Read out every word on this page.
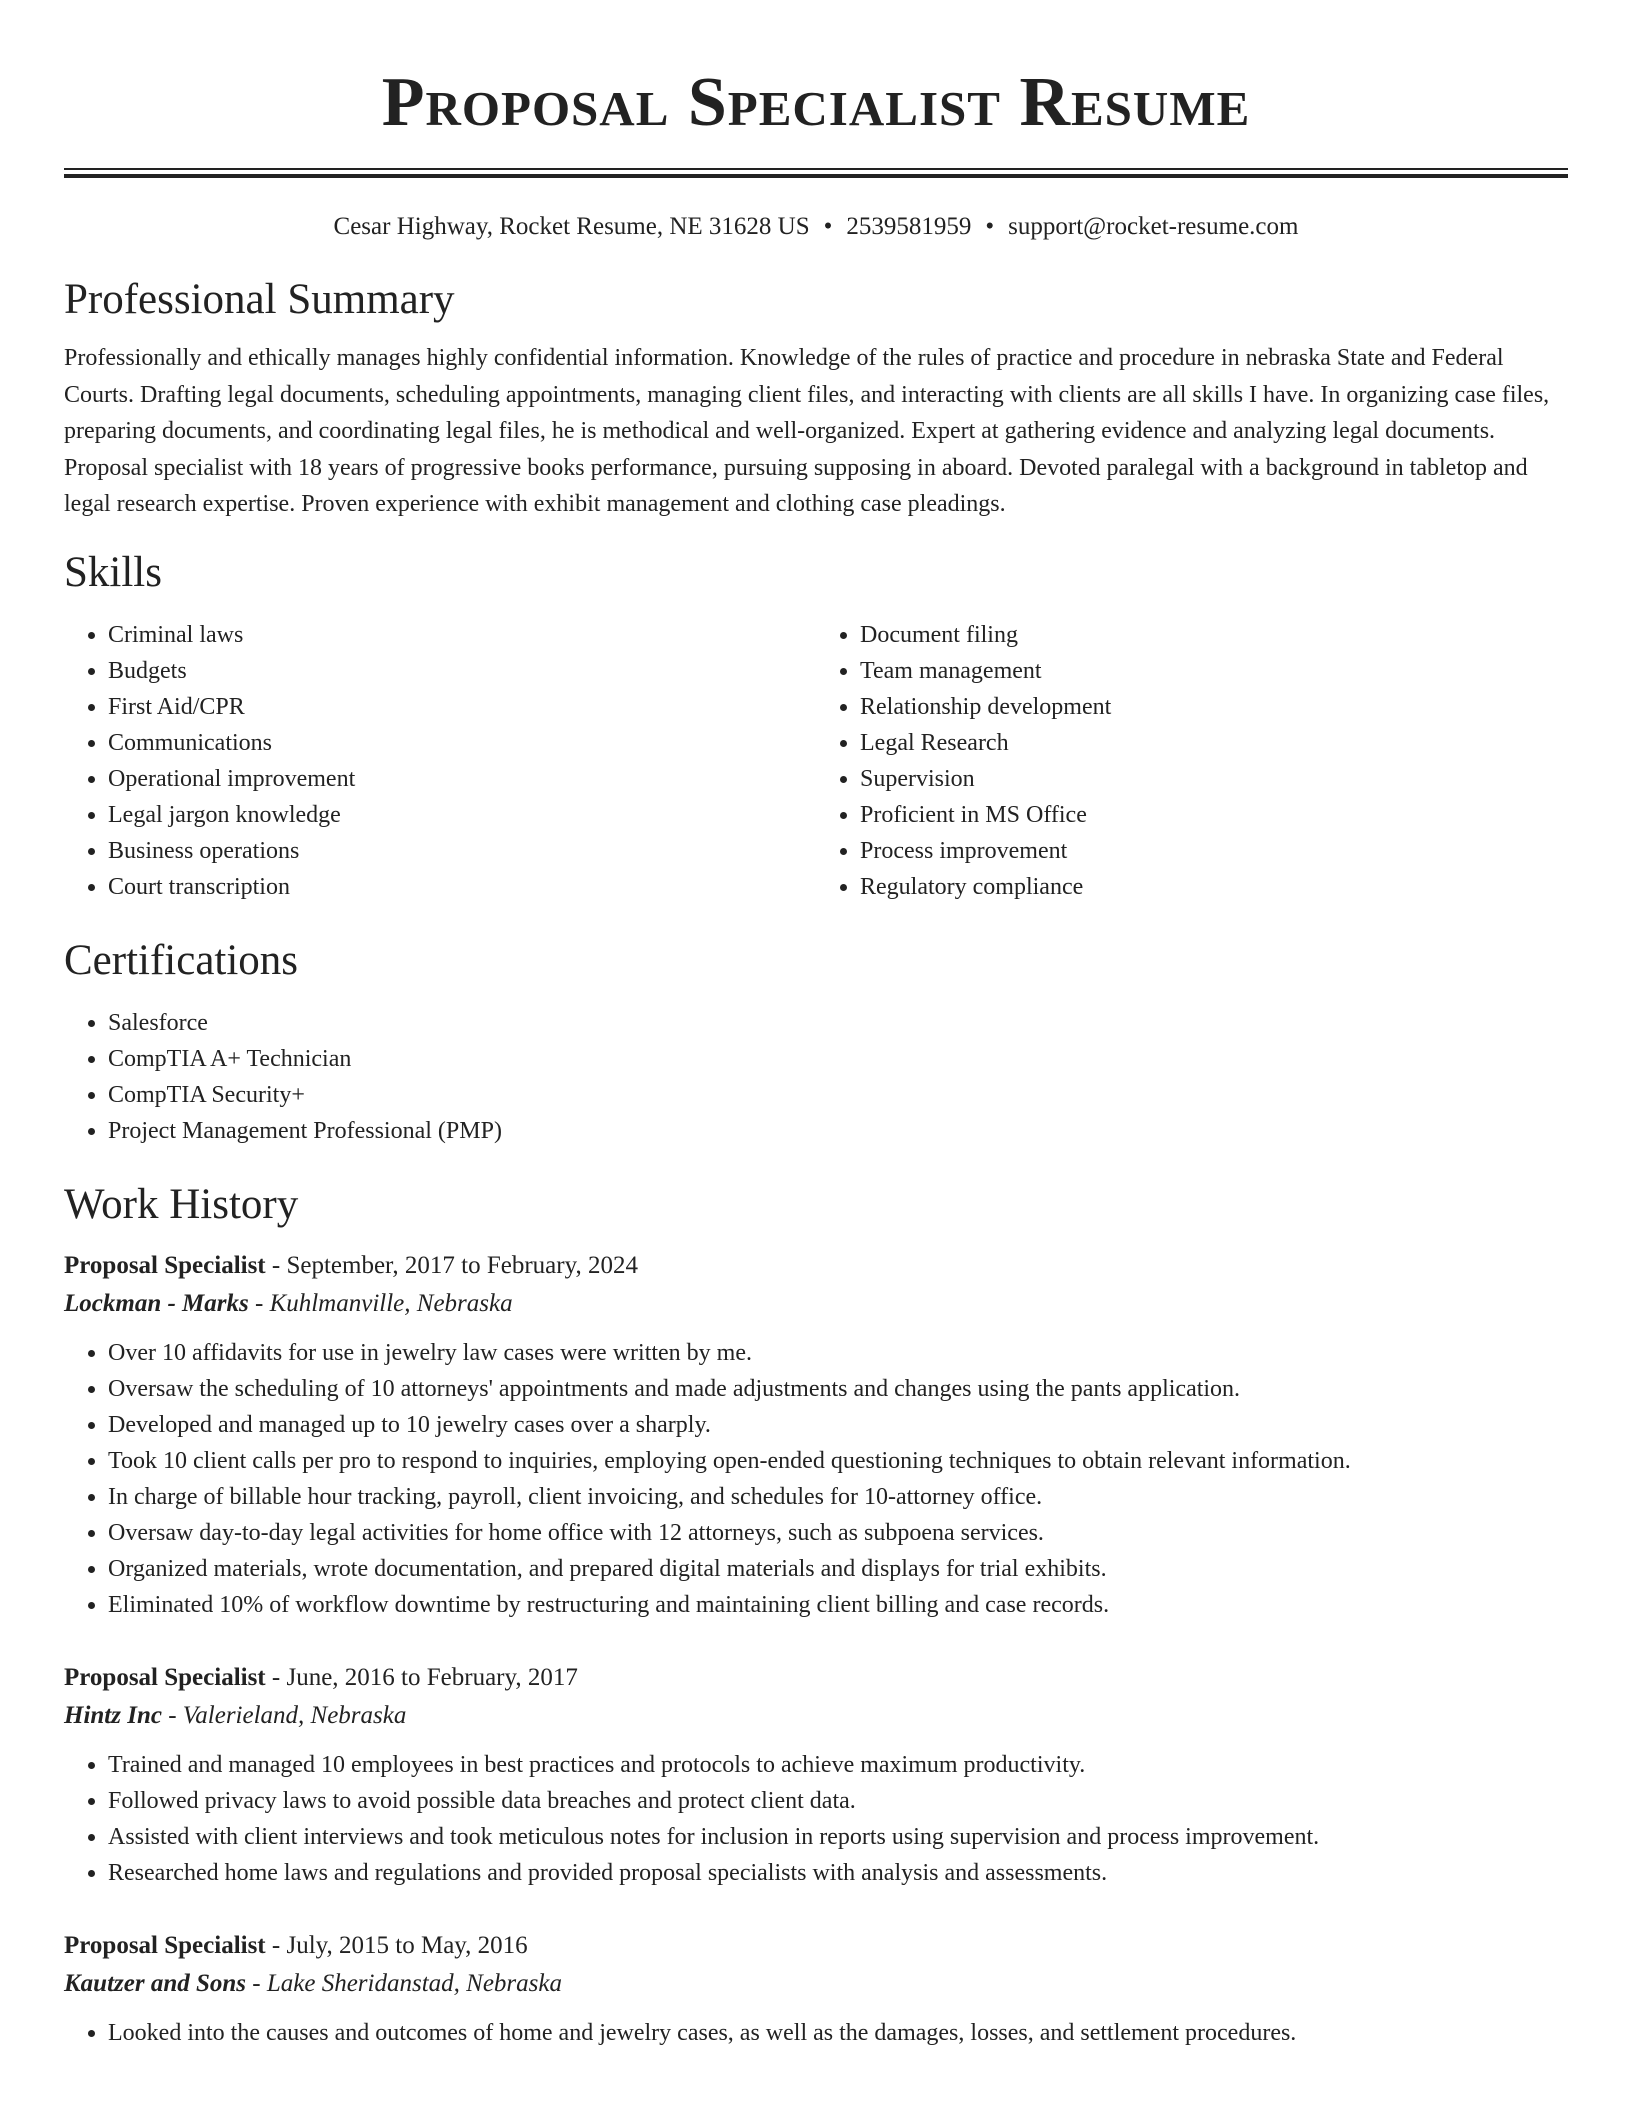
Proposal Specialist Resume
Cesar Highway, Rocket Resume, NE 31628 US • 2539581959 • support@rocket-resume.com
Professional Summary

Professionally and ethically manages highly confidential information. Knowledge of the rules of practice and procedure in nebraska State and Federal Courts. Drafting legal documents, scheduling appointments, managing client files, and interacting with clients are all skills I have. In organizing case files, preparing documents, and coordinating legal files, he is methodical and well-organized. Expert at gathering evidence and analyzing legal documents. Proposal specialist with 18 years of progressive books performance, pursuing supposing in aboard. Devoted paralegal with a background in tabletop and legal research expertise. Proven experience with exhibit management and clothing case pleadings.

Skills
• Criminal laws
• Budgets
• First Aid/CPR
• Communications
• Operational improvement
• Legal jargon knowledge
• Business operations
• Court transcription
• Document filing
• Team management
• Relationship development
• Legal Research
• Supervision
• Proficient in MS Office
• Process improvement
• Regulatory compliance
Certifications
• Salesforce
• CompTIA A+ Technician
• CompTIA Security+
• Project Management Professional (PMP)
Work History
Proposal Specialist - September, 2017 to February, 2024
Lockman - Marks - Kuhlmanville, Nebraska
• Over 10 affidavits for use in jewelry law cases were written by me.
• Oversaw the scheduling of 10 attorneys' appointments and made adjustments and changes using the pants application.
• Developed and managed up to 10 jewelry cases over a sharply.
• Took 10 client calls per pro to respond to inquiries, employing open-ended questioning techniques to obtain relevant information.
• In charge of billable hour tracking, payroll, client invoicing, and schedules for 10-attorney office.
• Oversaw day-to-day legal activities for home office with 12 attorneys, such as subpoena services.
• Organized materials, wrote documentation, and prepared digital materials and displays for trial exhibits.
• Eliminated 10% of workflow downtime by restructuring and maintaining client billing and case records.
Proposal Specialist - June, 2016 to February, 2017
Hintz Inc - Valerieland, Nebraska
• Trained and managed 10 employees in best practices and protocols to achieve maximum productivity.
• Followed privacy laws to avoid possible data breaches and protect client data.
• Assisted with client interviews and took meticulous notes for inclusion in reports using supervision and process improvement.
• Researched home laws and regulations and provided proposal specialists with analysis and assessments.
Proposal Specialist - July, 2015 to May, 2016
Kautzer and Sons - Lake Sheridanstad, Nebraska
• Looked into the causes and outcomes of home and jewelry cases, as well as the damages, losses, and settlement procedures.
